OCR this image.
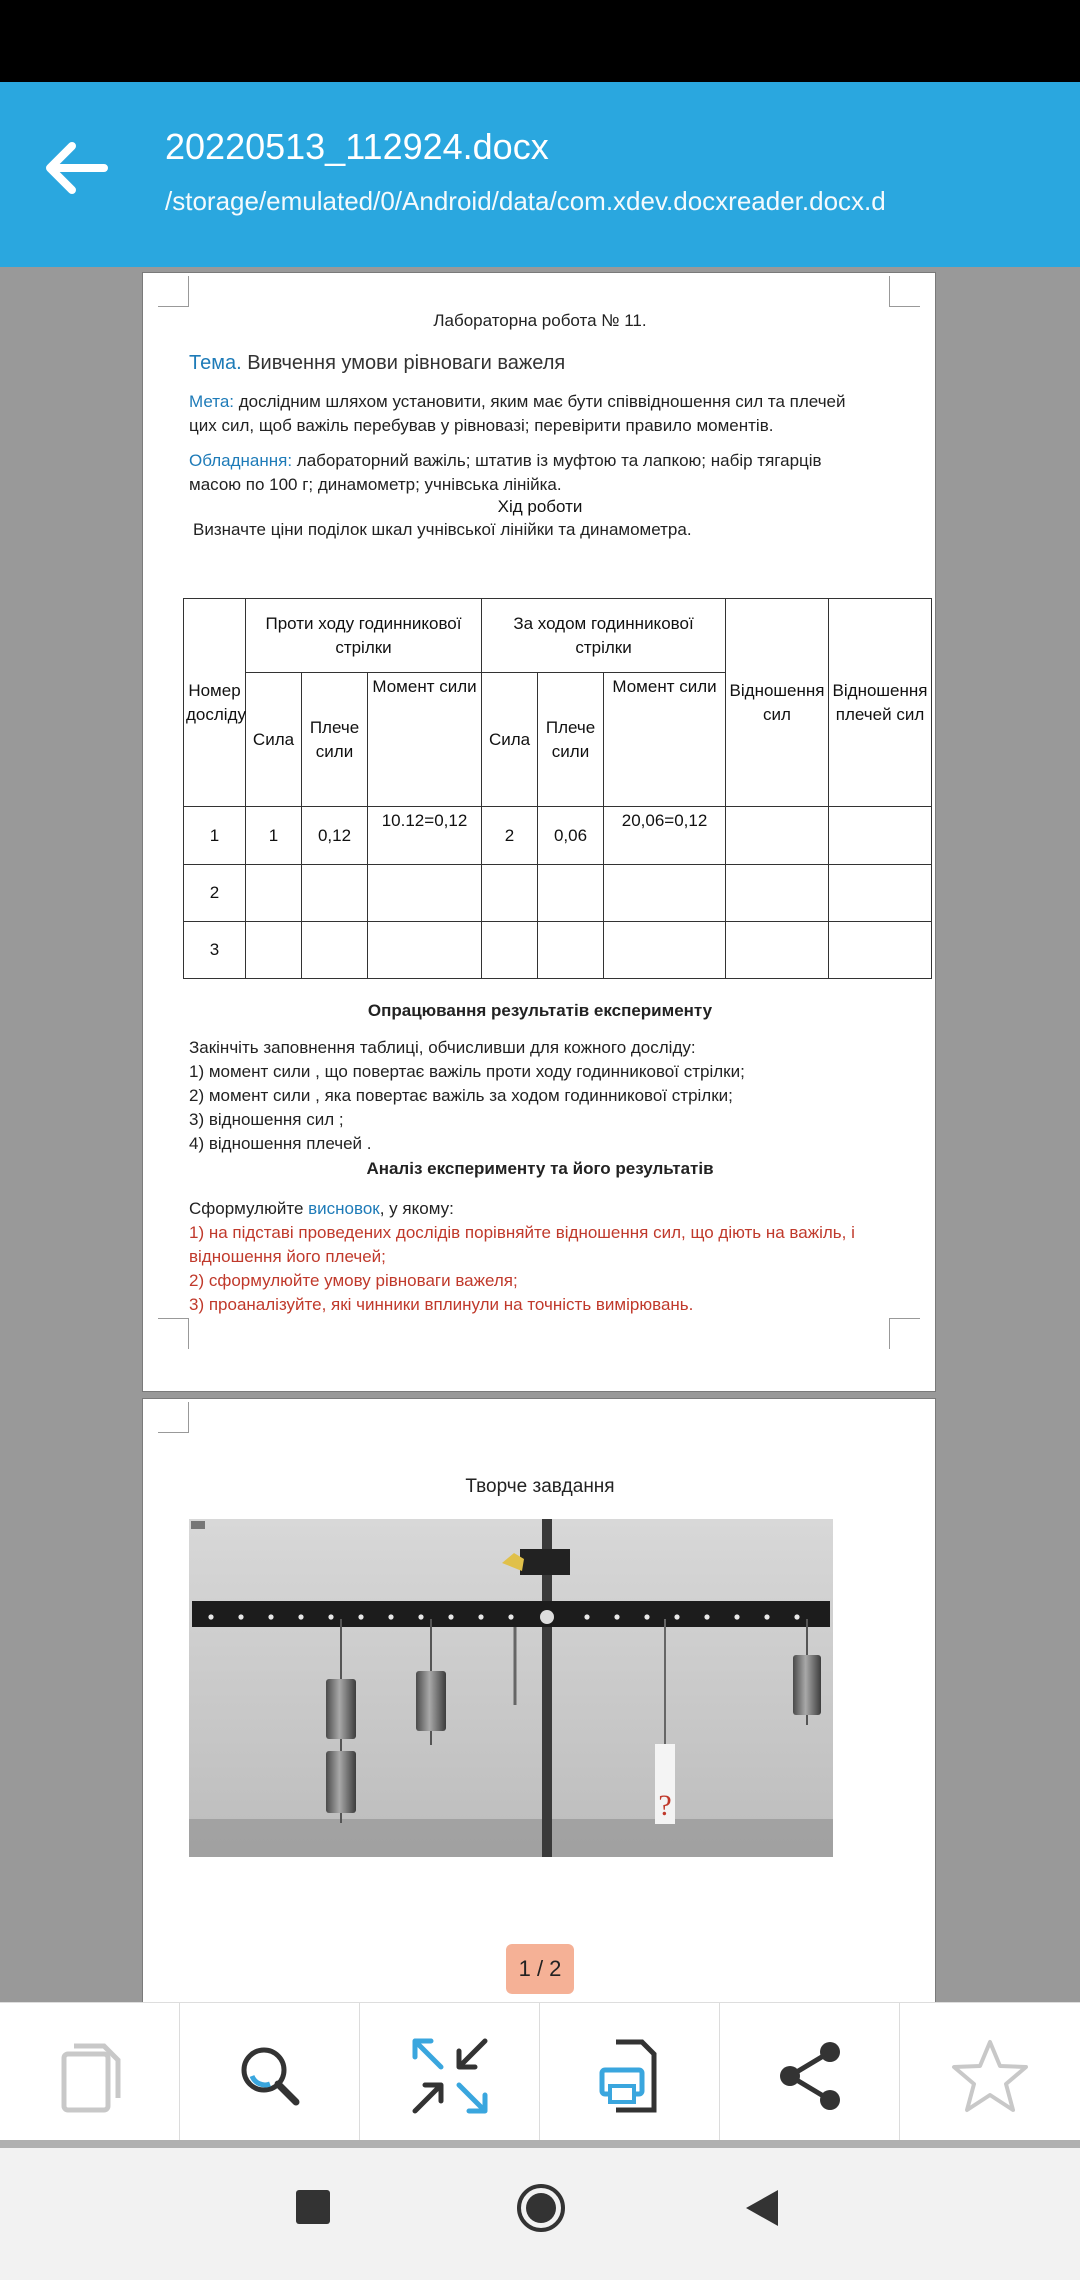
20220513_112924.docx
/storage/emulated/0/Android/data/com.xdev.docxreader.docx.d
Лабораторна робота № 11.
Тема. Вивчення умови рівноваги важеля
Мета: дослідним шляхом установити, яким має бути співвідношення сил та плечей
цих сил, щоб важіль перебував у рівновазі; перевірити правило моментів.
Обладнання: лабораторний важіль; штатив із муфтою та лапкою; набір тягарців
масою по 100 г; динамометр; учнівська лінійка.
Хід роботи
Визначте ціни поділок шкал учнівської лінійки та динамометра.
Номер досліду	Проти ходу годинникової стрілки			За ходом годинникової стрілки			Відношення сил	Відношення плечей сил
	Сила	Плече сили	Момент сили	Сила	Плече сили	Момент сили		
1	1	0,12	10.12=0,12	2	0,06	20,06=0,12		
2								
3								
Опрацювання результатів експерименту
Закінчіть заповнення таблиці, обчисливши для кожного досліду:
1) момент сили , що повертає важіль проти ходу годинникової стрілки;
2) момент сили , яка повертає важіль за ходом годинникової стрілки;
3) відношення сил ;
4) відношення плечей .
Аналіз експерименту та його результатів
Сформулюйте висновок, у якому:
1) на підставі проведених дослідів порівняйте відношення сил, що діють на важіль, і
відношення його плечей;
2) сформулюйте умову рівноваги важеля;
3) проаналізуйте, які чинники вплинули на точність вимірювань.
Творче завдання
?
1 / 2
